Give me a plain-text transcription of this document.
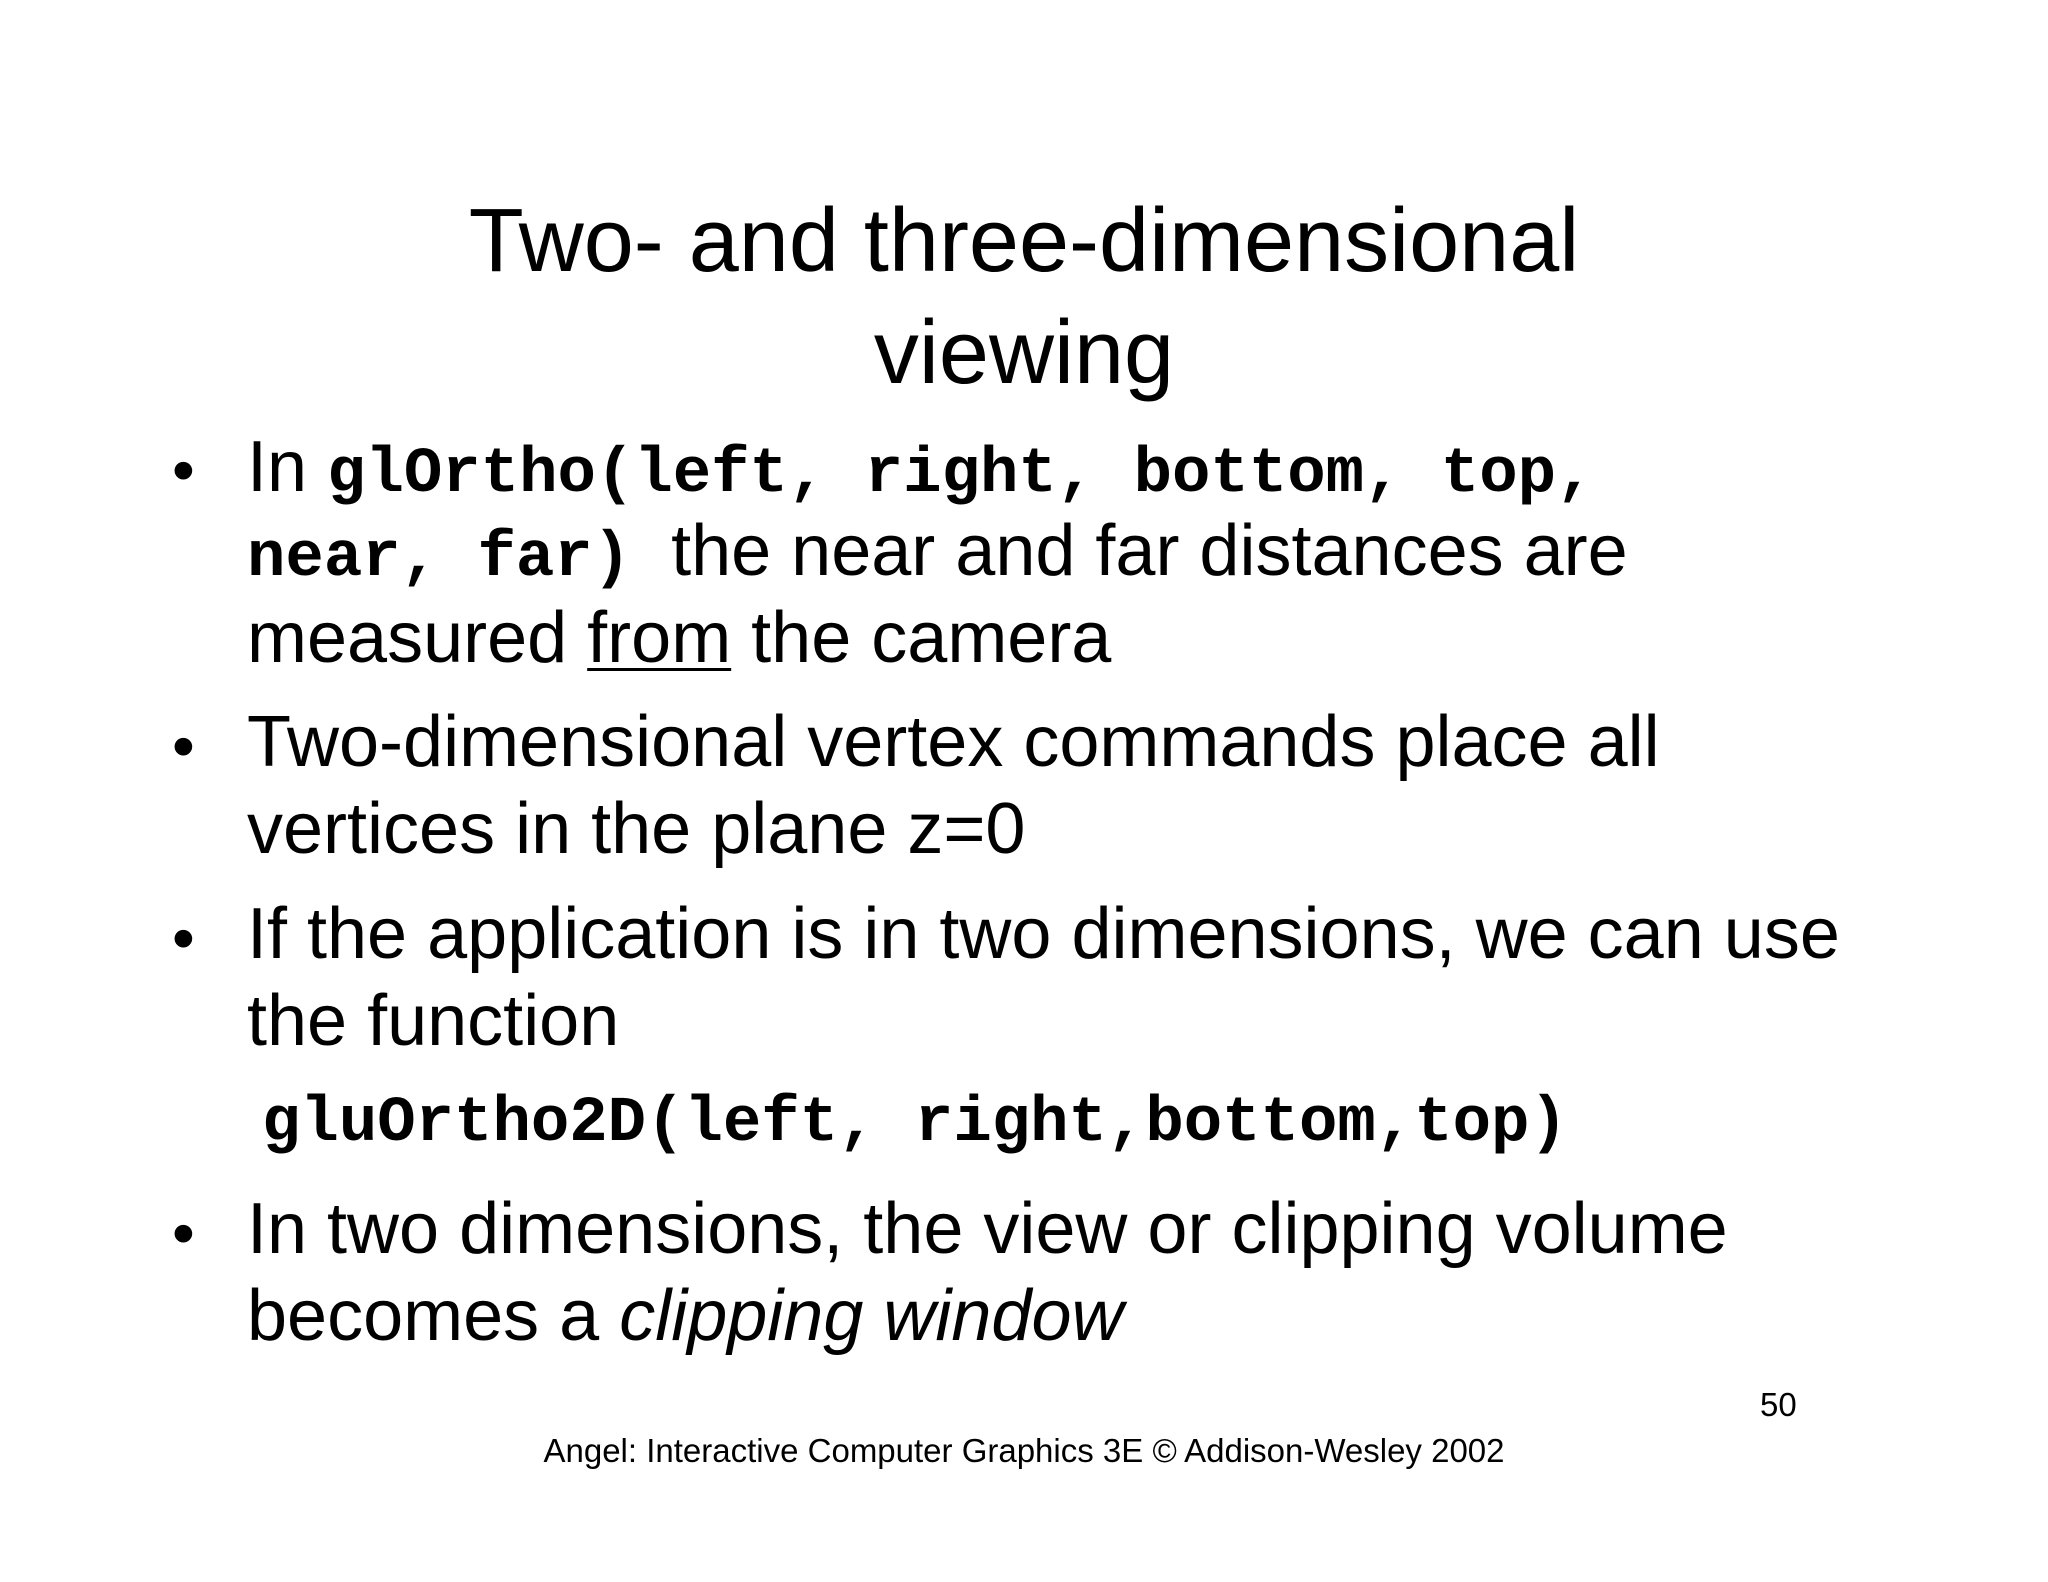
Two- and three-dimensional
viewing
• In glOrtho(left, right, bottom, top,
near, far)  the near and far distances are
measured from the camera
• Two-dimensional vertex commands place all
vertices in the plane z=0
• If the application is in two dimensions, we can use
the function
gluOrtho2D(left, right,bottom,top)
• In two dimensions, the view or clipping volume
becomes a clipping window
50
Angel: Interactive Computer Graphics 3E © Addison-Wesley 2002
